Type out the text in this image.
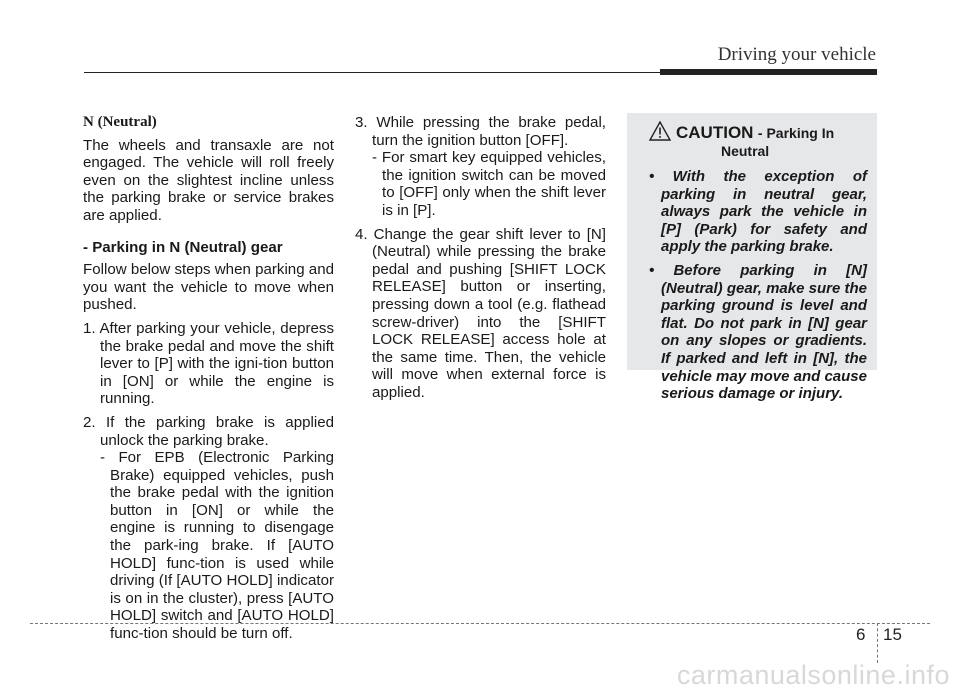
Driving your vehicle

N (Neutral)

The wheels and transaxle are not engaged. The vehicle will roll freely even on the slightest incline unless the parking brake or service brakes are applied.

- Parking in N (Neutral) gear

Follow below steps when parking and you want the vehicle to move when pushed.

1. After parking your vehicle, depress the brake pedal and move the shift lever to [P] with the igni-tion button in [ON] or while the engine is running.

2. If the parking brake is applied unlock the parking brake.

- For EPB (Electronic Parking Brake) equipped vehicles, push the brake pedal with the ignition button in [ON] or while the engine is running to disengage the park-ing brake. If [AUTO HOLD] func-tion is used while driving (If [AUTO HOLD] indicator is on in the cluster), press [AUTO HOLD] switch and [AUTO HOLD] func-tion should be turn off.

3. While pressing the brake pedal, turn the ignition button [OFF].

- For smart key equipped vehicles, the ignition switch can be moved to [OFF] only when the shift lever is in [P].

4. Change the gear shift lever to [N] (Neutral) while pressing the brake pedal and pushing [SHIFT LOCK RELEASE] button or inserting, pressing down a tool (e.g. flathead screw-driver) into the [SHIFT LOCK RELEASE] access hole at the same time. Then, the vehicle will move when external force is applied.

CAUTION - Parking In
Neutral

• With the exception of parking in neutral gear, always park the vehicle in [P] (Park) for safety and apply the parking brake.

• Before parking in [N] (Neutral) gear, make sure the parking ground is level and flat. Do not park in [N] gear on any slopes or gradients. If parked and left in [N], the vehicle may move and cause serious damage or injury.

6 15
carmanualsonline.info
